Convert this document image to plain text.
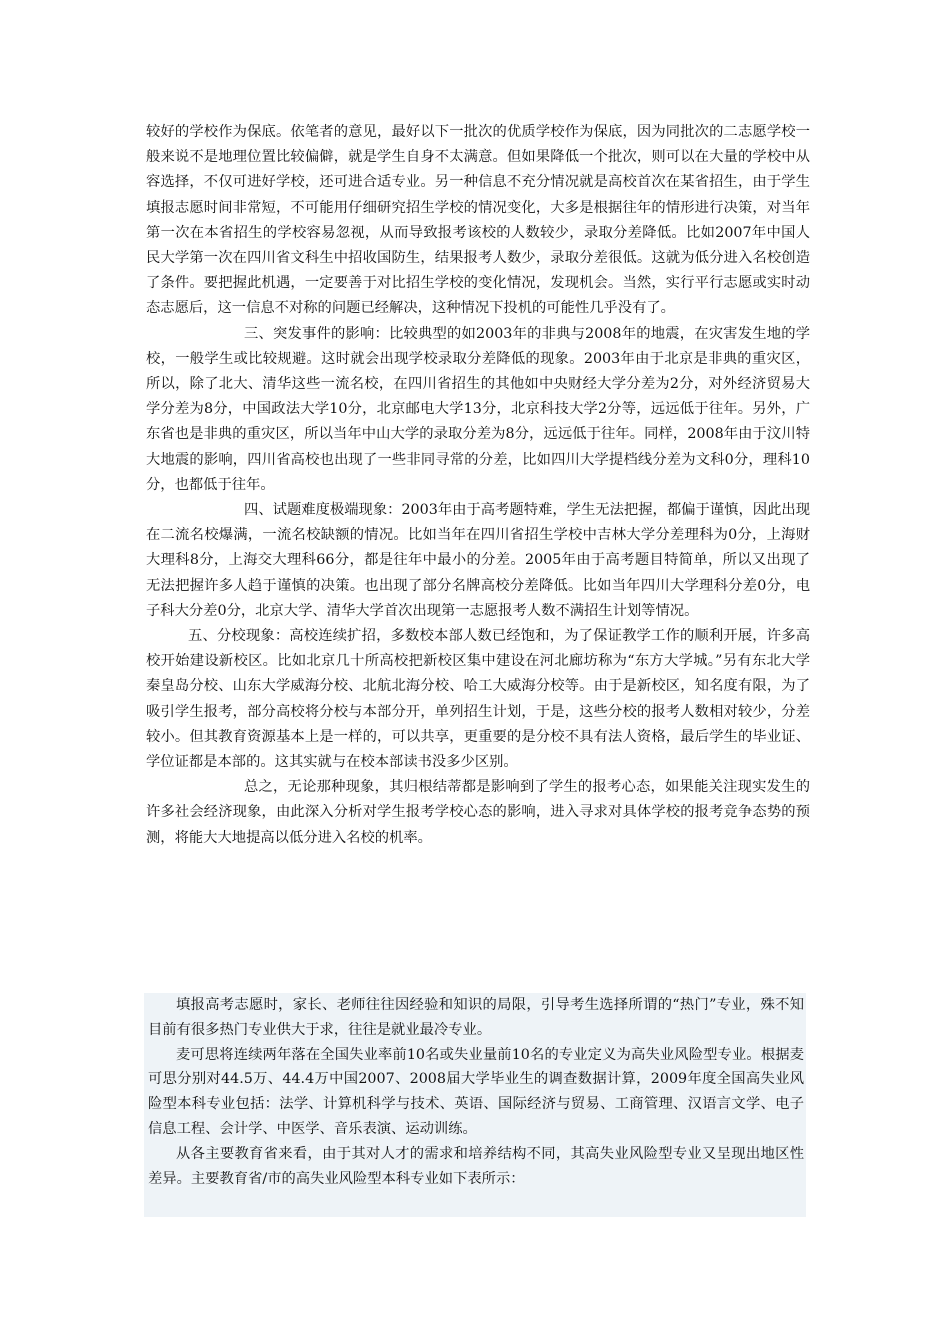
较好的学校作为保底。依笔者的意见，最好以下一批次的优质学校作为保底，因为同批次的二志愿学校一般来说不是地理位置比较偏僻，就是学生自身不太满意。但如果降低一个批次，则可以在大量的学校中从容选择，不仅可进好学校，还可进合适专业。另一种信息不充分情况就是高校首次在某省招生，由于学生填报志愿时间非常短，不可能用仔细研究招生学校的情况变化，大多是根据往年的情形进行决策，对当年第一次在本省招生的学校容易忽视，从而导致报考该校的人数较少，录取分差降低。比如2007年中国人民大学第一次在四川省文科生中招收国防生，结果报考人数少，录取分差很低。这就为低分进入名校创造了条件。要把握此机遇，一定要善于对比招生学校的变化情况，发现机会。当然，实行平行志愿或实时动态志愿后，这一信息不对称的问题已经解决，这种情况下投机的可能性几乎没有了。

三、突发事件的影响：比较典型的如2003年的非典与2008年的地震，在灾害发生地的学校，一般学生或比较规避。这时就会出现学校录取分差降低的现象。2003年由于北京是非典的重灾区，所以，除了北大、清华这些一流名校，在四川省招生的其他如中央财经大学分差为2分，对外经济贸易大学分差为8分，中国政法大学10分，北京邮电大学13分，北京科技大学2分等，远远低于往年。另外，广东省也是非典的重灾区，所以当年中山大学的录取分差为8分，远远低于往年。同样，2008年由于汶川特大地震的影响，四川省高校也出现了一些非同寻常的分差，比如四川大学提档线分差为文科0分，理科10分，也都低于往年。

四、试题难度极端现象：2003年由于高考题特难，学生无法把握，都偏于谨慎，因此出现在二流名校爆满，一流名校缺额的情况。比如当年在四川省招生学校中吉林大学分差理科为0分，上海财大理科8分，上海交大理科66分，都是往年中最小的分差。2005年由于高考题目特简单，所以又出现了无法把握许多人趋于谨慎的决策。也出现了部分名牌高校分差降低。比如当年四川大学理科分差0分，电子科大分差0分，北京大学、清华大学首次出现第一志愿报考人数不满招生计划等情况。

五、分校现象：高校连续扩招，多数校本部人数已经饱和，为了保证教学工作的顺利开展，许多高校开始建设新校区。比如北京几十所高校把新校区集中建设在河北廊坊称为“东方大学城。”另有东北大学秦皇岛分校、山东大学威海分校、北航北海分校、哈工大威海分校等。由于是新校区，知名度有限，为了吸引学生报考，部分高校将分校与本部分开，单列招生计划，于是，这些分校的报考人数相对较少，分差较小。但其教育资源基本上是一样的，可以共享，更重要的是分校不具有法人资格，最后学生的毕业证、学位证都是本部的。这其实就与在校本部读书没多少区别。

总之，无论那种现象，其归根结蒂都是影响到了学生的报考心态，如果能关注现实发生的许多社会经济现象，由此深入分析对学生报考学校心态的影响，进入寻求对具体学校的报考竞争态势的预测，将能大大地提高以低分进入名校的机率。

填报高考志愿时，家长、老师往往因经验和知识的局限，引导考生选择所谓的“热门”专业，殊不知目前有很多热门专业供大于求，往往是就业最冷专业。

麦可思将连续两年落在全国失业率前10名或失业量前10名的专业定义为高失业风险型专业。根据麦可思分别对44.5万、44.4万中国2007、2008届大学毕业生的调查数据计算，2009年度全国高失业风险型本科专业包括：法学、计算机科学与技术、英语、国际经济与贸易、工商管理、汉语言文学、电子信息工程、会计学、中医学、音乐表演、运动训练。

从各主要教育省来看，由于其对人才的需求和培养结构不同，其高失业风险型专业又呈现出地区性差异。主要教育省/市的高失业风险型本科专业如下表所示：
